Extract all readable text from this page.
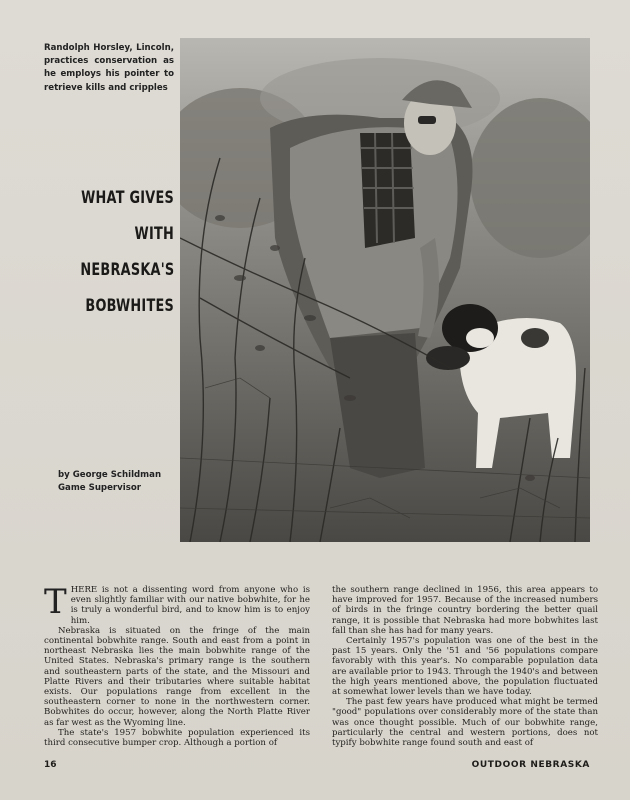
Randolph Horsley, Lincoln, practices conservation as he employs his pointer to retrieve kills and cripples
WHAT GIVES
WITH
NEBRASKA'S
BOBWHITES
by George Schildman
Game Supervisor

THERE is not a dissenting word from anyone who is even slightly familiar with our native bobwhite, for he is truly a wonderful bird, and to know him is to enjoy him.

Nebraska is situated on the fringe of the main continental bobwhite range. South and east from a point in northeast Nebraska lies the main bobwhite range of the United States. Nebraska's primary range is the southern and southeastern parts of the state, and the Missouri and Platte Rivers and their tributaries where suitable habitat exists. Our populations range from excellent in the southeastern corner to none in the northwestern corner. Bobwhites do occur, however, along the North Platte River as far west as the Wyoming line.

The state's 1957 bobwhite population experienced its third consecutive bumper crop. Although a portion of

the southern range declined in 1956, this area appears to have improved for 1957. Because of the increased numbers of birds in the fringe country bordering the better quail range, it is possible that Nebraska had more bobwhites last fall than she has had for many years.

Certainly 1957's population was one of the best in the past 15 years. Only the '51 and '56 populations compare favorably with this year's. No comparable population data are available prior to 1943. Through the 1940's and between the high years mentioned above, the population fluctuated at somewhat lower levels than we have today.

The past few years have produced what might be termed "good" populations over considerably more of the state than was once thought possible. Much of our bobwhite range, particularly the central and western portions, does not typify bobwhite range found south and east of

16	OUTDOOR NEBRASKA
